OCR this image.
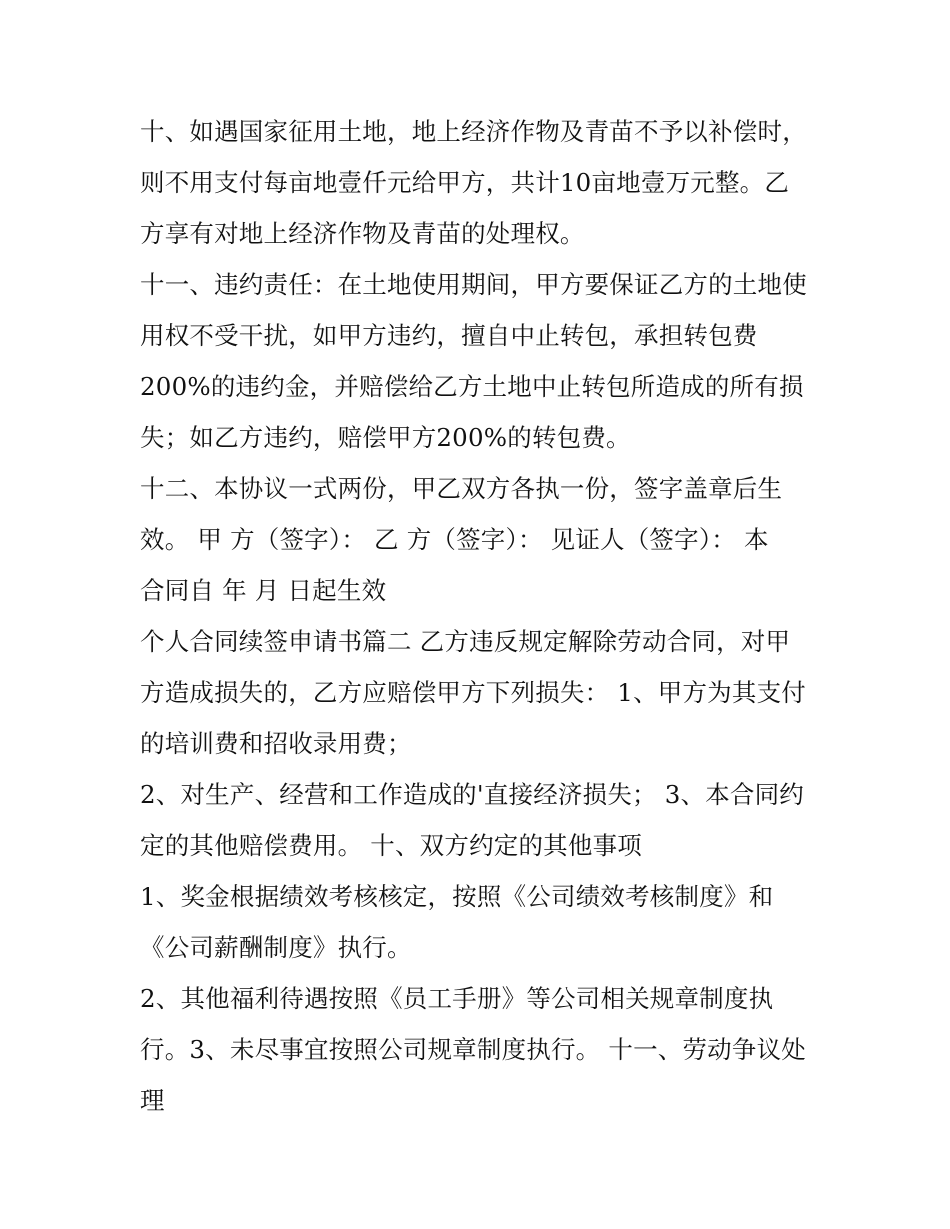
十、如遇国家征用土地，地上经济作物及青苗不予以补偿时，
则不用支付每亩地壹仟元给甲方，共计10亩地壹万元整。乙
方享有对地上经济作物及青苗的处理权。
十一、违约责任：在土地使用期间，甲方要保证乙方的土地使
用权不受干扰，如甲方违约，擅自中止转包，承担转包费
200%的违约金，并赔偿给乙方土地中止转包所造成的所有损
失；如乙方违约，赔偿甲方200%的转包费。
十二、本协议一式两份，甲乙双方各执一份，签字盖章后生
效。 甲 方（签字）： 乙 方（签字）： 见证人（签字）： 本
合同自 年 月 日起生效
个人合同续签申请书篇二 乙方违反规定解除劳动合同，对甲
方造成损失的，乙方应赔偿甲方下列损失： 1、甲方为其支付
的培训费和招收录用费；
2、对生产、经营和工作造成的'直接经济损失； 3、本合同约
定的其他赔偿费用。 十、双方约定的其他事项
1、奖金根据绩效考核核定，按照《公司绩效考核制度》和
《公司薪酬制度》执行。
2、其他福利待遇按照《员工手册》等公司相关规章制度执
行。3、未尽事宜按照公司规章制度执行。 十一、劳动争议处
理
